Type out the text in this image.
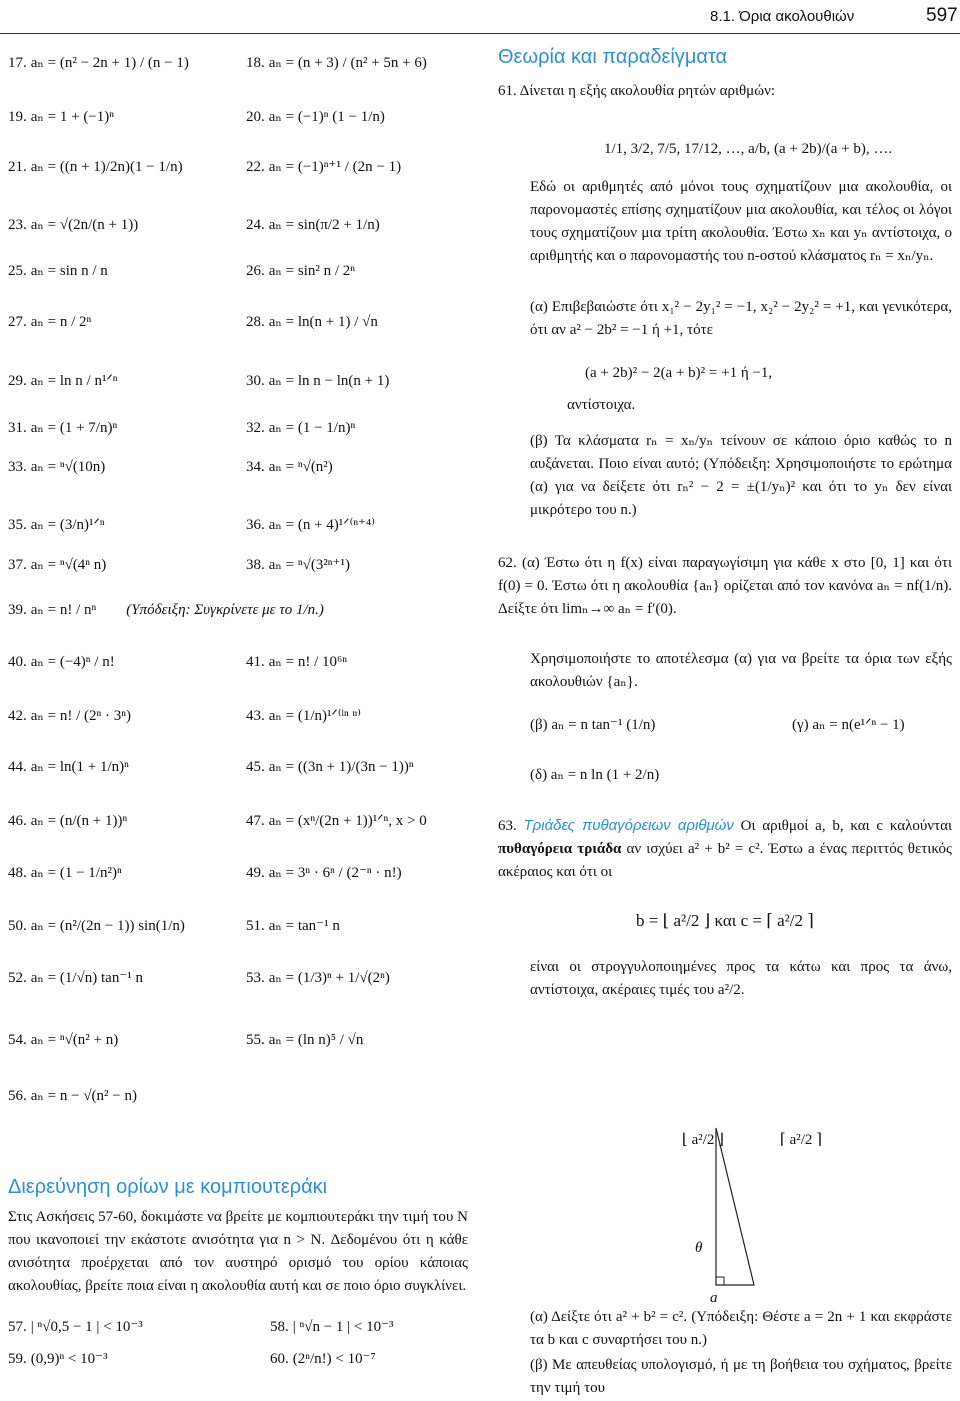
8.1. Όρια ακολουθιών	597
17. aₙ = (n² − 2n + 1) / (n − 1)	18. aₙ = (n + 3) / (n² + 5n + 6)
19. aₙ = 1 + (−1)ⁿ	20. aₙ = (−1)ⁿ (1 − 1/n)
21. aₙ = ((n + 1)/2n)(1 − 1/n)	22. aₙ = (−1)ⁿ⁺¹ / (2n − 1)
23. aₙ = √(2n/(n + 1))	24. aₙ = sin(π/2 + 1/n)
25. aₙ = sin n / n	26. aₙ = sin² n / 2ⁿ
27. aₙ = n / 2ⁿ	28. aₙ = ln(n + 1) / √n
29. aₙ = ln n / n¹ᐟⁿ	30. aₙ = ln n − ln(n + 1)
31. aₙ = (1 + 7/n)ⁿ	32. aₙ = (1 − 1/n)ⁿ
33. aₙ = ⁿ√(10n)	34. aₙ = ⁿ√(n²)
35. aₙ = (3/n)¹ᐟⁿ	36. aₙ = (n + 4)¹ᐟ⁽ⁿ⁺⁴⁾
37. aₙ = ⁿ√(4ⁿ n)	38. aₙ = ⁿ√(3²ⁿ⁺¹)
39. aₙ = n! / nⁿ (Υπόδειξη: Συγκρίνετε με το 1/n.)
40. aₙ = (−4)ⁿ / n!	41. aₙ = n! / 10⁶ⁿ
42. aₙ = n! / (2ⁿ · 3ⁿ)	43. aₙ = (1/n)¹ᐟ⁽ˡⁿ ⁿ⁾
44. aₙ = ln(1 + 1/n)ⁿ	45. aₙ = ((3n + 1)/(3n − 1))ⁿ
46. aₙ = (n/(n + 1))ⁿ	47. aₙ = (xⁿ/(2n + 1))¹ᐟⁿ, x > 0
48. aₙ = (1 − 1/n²)ⁿ	49. aₙ = 3ⁿ · 6ⁿ / (2⁻ⁿ · n!)
50. aₙ = (n²/(2n − 1)) sin(1/n)	51. aₙ = tan⁻¹ n
52. aₙ = (1/√n) tan⁻¹ n	53. aₙ = (1/3)ⁿ + 1/√(2ⁿ)
54. aₙ = ⁿ√(n² + n)	55. aₙ = (ln n)⁵ / √n
56. aₙ = n − √(n² − n)
Διερεύνηση ορίων με κομπιουτεράκι
Στις Ασκήσεις 57-60, δοκιμάστε να βρείτε με κομπιουτεράκι την τιμή του N που ικανοποιεί την εκάστοτε ανισότητα για n > N. Δεδομένου ότι η κάθε ανισότητα προέρχεται από τον αυστηρό ορισμό του ορίου κάποιας ακολουθίας, βρείτε ποια είναι η ακολουθία αυτή και σε ποιο όριο συγκλίνει.
57. | ⁿ√0,5 − 1 | < 10⁻³	58. | ⁿ√n − 1 | < 10⁻³
59. (0,9)ⁿ < 10⁻³	60. (2ⁿ/n!) < 10⁻⁷
Θεωρία και παραδείγματα
61. Δίνεται η εξής ακολουθία ρητών αριθμών:
1/1, 3/2, 7/5, 17/12, …, a/b, (a + 2b)/(a + b), ….
Εδώ οι αριθμητές από μόνοι τους σχηματίζουν μια ακολουθία, οι παρονομαστές επίσης σχηματίζουν μια ακολουθία, και τέλος οι λόγοι τους σχηματίζουν μια τρίτη ακολουθία. Έστω xₙ και yₙ αντίστοιχα, ο αριθμητής και ο παρονομαστής του n-οστού κλάσματος rₙ = xₙ/yₙ.
(α) Επιβεβαιώστε ότι x₁² − 2y₁² = −1, x₂² − 2y₂² = +1, και γενικότερα, ότι αν a² − 2b² = −1 ή +1, τότε
(a + 2b)² − 2(a + b)² = +1 ή −1,
αντίστοιχα.
(β) Τα κλάσματα rₙ = xₙ/yₙ τείνουν σε κάποιο όριο καθώς το n αυξάνεται. Ποιο είναι αυτό; (Υπόδειξη: Χρησιμοποιήστε το ερώτημα (α) για να δείξετε ότι rₙ² − 2 = ±(1/yₙ)² και ότι το yₙ δεν είναι μικρότερο του n.)
62. (α) Έστω ότι η f(x) είναι παραγωγίσιμη για κάθε x στο [0, 1] και ότι f(0) = 0. Έστω ότι η ακολουθία {aₙ} ορίζεται από τον κανόνα aₙ = nf(1/n). Δείξτε ότι limₙ→∞ aₙ = f′(0).
Χρησιμοποιήστε το αποτέλεσμα (α) για να βρείτε τα όρια των εξής ακολουθιών {aₙ}.
(β) aₙ = n tan⁻¹ (1/n)	(γ) aₙ = n(e¹ᐟⁿ − 1)
(δ) aₙ = n ln (1 + 2/n)
63. Τριάδες πυθαγόρειων αριθμών Οι αριθμοί a, b, και c καλούνται πυθαγόρεια τριάδα αν ισχύει a² + b² = c². Έστω a ένας περιττός θετικός ακέραιος και ότι οι
b = ⌊ a²/2 ⌋ και c = ⌈ a²/2 ⌉
είναι οι στρογγυλοποιημένες προς τα κάτω και προς τα άνω, αντίστοιχα, ακέραιες τιμές του a²/2.
⌊ a²/2 ⌋	⌈ a²/2 ⌉
θ
a
(α) Δείξτε ότι a² + b² = c². (Υπόδειξη: Θέστε a = 2n + 1 και εκφράστε τα b και c συναρτήσει του n.)
(β) Με απευθείας υπολογισμό, ή με τη βοήθεια του σχήματος, βρείτε την τιμή του
